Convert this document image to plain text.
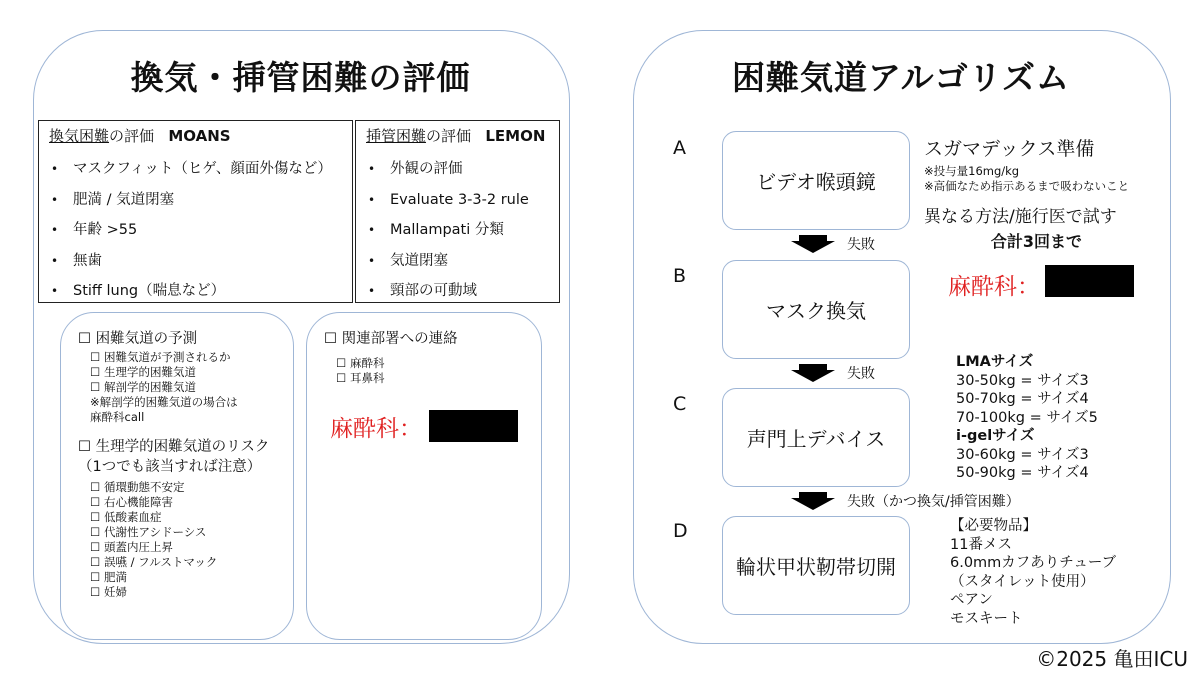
換気・挿管困難の評価
換気困難の評価 MOANS
• マスクフィット（ヒゲ、顔面外傷など）
• 肥満 / 気道閉塞
• 年齢 >55
• 無歯
• Stiff lung（喘息など）
挿管困難の評価 LEMON
• 外観の評価
• Evaluate 3-3-2 rule
• Mallampati 分類
• 気道閉塞
• 頸部の可動域
☐ 困難気道の予測
☐ 困難気道が予測されるか
☐ 生理学的困難気道
☐ 解剖学的困難気道
※解剖学的困難気道の場合は
麻酔科call
☐ 生理学的困難気道のリスク
（1つでも該当すれば注意）
☐ 循環動態不安定
☐ 右心機能障害
☐ 低酸素血症
☐ 代謝性アシドーシス
☐ 頭蓋内圧上昇
☐ 誤嚥 / フルストマック
☐ 肥満
☐ 妊婦
☐ 関連部署への連絡
☐ 麻酔科
☐ 耳鼻科
麻酔科：
困難気道アルゴリズム
A
B
C
D
ビデオ喉頭鏡
マスク換気
声門上デバイス
輪状甲状靭帯切開
失敗
失敗
失敗（かつ換気/挿管困難）
スガマデックス準備
※投与量16mg/kg
※高価なため指示あるまで吸わないこと
異なる方法/施行医で試す
合計3回まで
麻酔科：
LMAサイズ
30-50kg = サイズ3
50-70kg = サイズ4
70-100kg = サイズ5
i-gelサイズ
30-60kg = サイズ3
50-90kg = サイズ4
【必要物品】
11番メス
6.0mmカフありチューブ
（スタイレット使用）
ペアン
モスキート
©2025 亀田ICU
